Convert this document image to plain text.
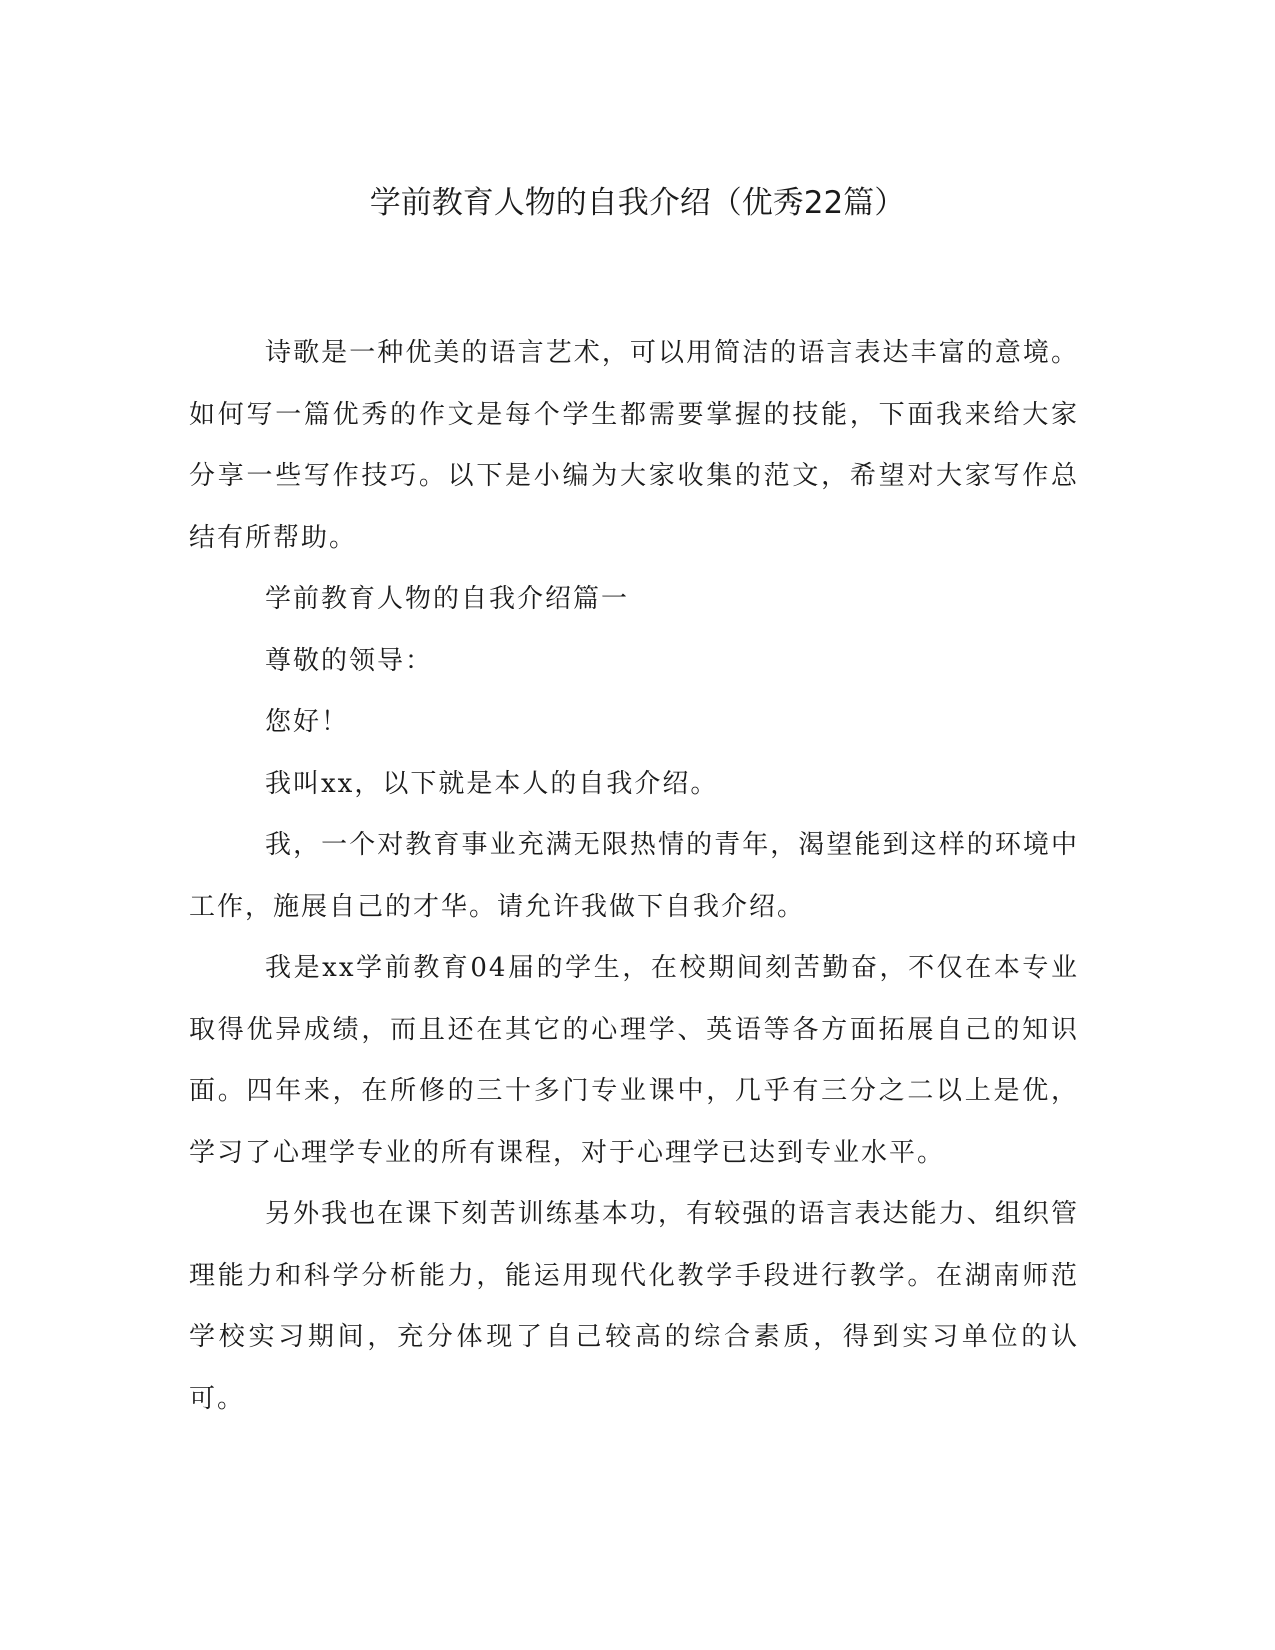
学前教育人物的自我介绍（优秀22篇）

诗歌是一种优美的语言艺术，可以用简洁的语言表达丰富的意境。如何写一篇优秀的作文是每个学生都需要掌握的技能，下面我来给大家分享一些写作技巧。以下是小编为大家收集的范文，希望对大家写作总结有所帮助。

学前教育人物的自我介绍篇一

尊敬的领导：

您好！

我叫xx，以下就是本人的自我介绍。

我，一个对教育事业充满无限热情的青年，渴望能到这样的环境中工作，施展自己的才华。请允许我做下自我介绍。

我是xx学前教育04届的学生，在校期间刻苦勤奋，不仅在本专业取得优异成绩，而且还在其它的心理学、英语等各方面拓展自己的知识面。四年来，在所修的三十多门专业课中，几乎有三分之二以上是优，学习了心理学专业的所有课程，对于心理学已达到专业水平。

另外我也在课下刻苦训练基本功，有较强的语言表达能力、组织管理能力和科学分析能力，能运用现代化教学手段进行教学。在湖南师范学校实习期间，充分体现了自己较高的综合素质，得到实习单位的认可。
